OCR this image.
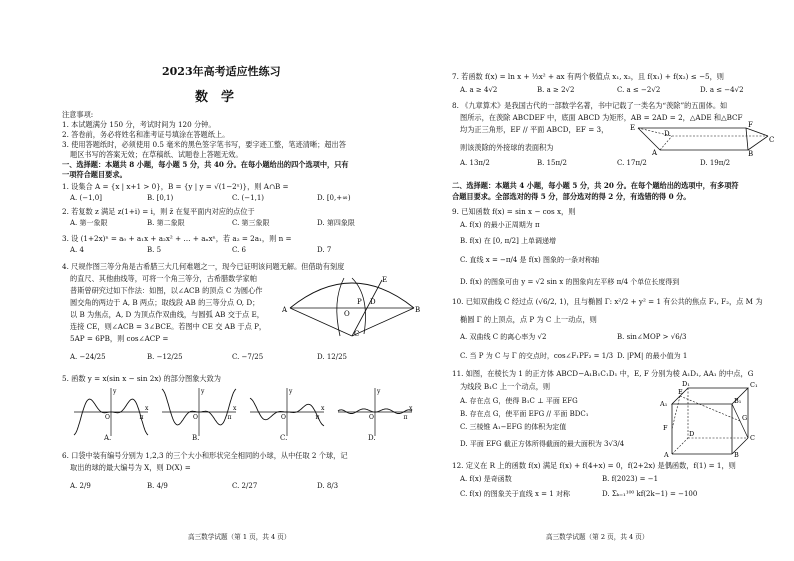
2023年高考适应性练习
数　学
注意事项:
1. 本试题满分 150 分，考试时间为 120 分钟。
2. 答卷前，务必将姓名和准考证号填涂在答题纸上。
3. 使用答题纸时，必须使用 0.5 毫米的黑色签字笔书写，要字迹工整，笔迹清晰；超出答
题区书写的答案无效；在草稿纸、试题卷上答题无效。
一、选择题：本题共 8 小题，每小题 5 分，共 40 分。在每小题给出的四个选项中，只有
一项符合题目要求。
1. 设集合 A = {x | x+1 > 0}，B = {y | y = √(1−2ˣ)}，则 A∩B =
A. (−1,0]	B. [0,1)	C. (−1,1)	D. [0,+∞)
2. 若复数 z 满足 z(1+i) = i，则 z̄ 在复平面内对应的点位于
A. 第一象限	B. 第二象限	C. 第三象限	D. 第四象限
3. 设 (1+2x)ⁿ = a₀ + a₁x + a₂x² + … + aₙxⁿ，若 a₂ = 2a₁，则 n =
A. 4	B. 5	C. 6	D. 7
4. 尺规作图三等分角是古希腊三大几何难题之一，现今已证明该问题无解。但借助有刻度
的直尺、其他曲线等，可将一个角三等分，古希腊数学家帕
普斯曾研究过如下作法：如图，以∠ACB 的顶点 C 为圆心作
圆交角的两边于 A, B 两点；取线段 AB 的三等分点 O, D；
以 B 为焦点，A, D 为顶点作双曲线，与圆弧 AB 交于点 E，
连接 CE，则∠ACB = 3∠BCE。若图中 CE 交 AB 于点 P，
5AP = 6PB，则 cos∠ACP =
A. −24/25	B. −12/25	C. −7/25	D. 12/25
E
D
P
O
A	B
C
5. 函数 y = x(sin x − sin 2x) 的部分图象大致为
y
x
O	π
y
x
O	π
y
x
O	π
y
x
O	π
A.	B.	C.	D.
6. 口袋中装有编号分别为 1,2,3 的三个大小和形状完全相同的小球，从中任取 2 个球，记
取出的球的最大编号为 X，则 D(X) =
A. 2/9	B. 4/9	C. 2/27	D. 8/3
高三数学试题（第 1 页，共 4 页）
7. 若函数 f(x) = ln x + ½x² + ax 有两个极值点 x₁, x₂，且 f(x₁) + f(x₂) ≤ −5，则
A. a ≥ 4√2	B. a ≥ 2√2	C. a ≤ −2√2	D. a ≤ −4√2
8. 《九章算术》是我国古代的一部数学名著，书中记载了一类名为“羡除”的五面体。如
图所示，在羡除 ABCDEF 中，底面 ABCD 为矩形，AB = 2AD = 2，△ADE 和△BCF
均为正三角形，EF // 平面 ABCD，EF = 3，
则该羡除的外接球的表面积为
E	F
D
A	B
C
A. 13π/2	B. 15π/2	C. 17π/2	D. 19π/2
二、选择题：本题共 4 小题，每小题 5 分，共 20 分。在每个题给出的选项中，有多项符
合题目要求。全部选对的得 5 分，部分选对的得 2 分，有选错的得 0 分。
9. 已知函数 f(x) = sin x − cos x，则
A. f(x) 的最小正周期为 π
B. f(x) 在 [0, π/2] 上单调递增
C. 直线 x = −π/4 是 f(x) 图象的一条对称轴
D. f(x) 的图象可由 y = √2 sin x 的图象向左平移 π/4 个单位长度得到
10. 已知双曲线 C 经过点 (√6/2, 1)，且与椭圆 Γ: x²/2 + y² = 1 有公共的焦点 F₁, F₂，点 M 为
椭圆 Γ 的上顶点，点 P 为 C 上一动点，则
A. 双曲线 C 的离心率为 √2	B. sin∠MOP > √6/3
C. 当 P 为 C 与 Γ 的交点时，cos∠F₁PF₂ = 1/3 D. |PM| 的最小值为 1
11. 如图，在棱长为 1 的正方体 ABCD−A₁B₁C₁D₁ 中，E, F 分别为棱 A₁D₁, AA₁ 的中点，G
为线段 B₁C 上一个动点，则
A. 存在点 G，使得 B₁C ⊥ 平面 EFG
B. 存在点 G，使平面 EFG // 平面 BDC₁
C. 三棱锥 A₁−EFG 的体积为定值
D. 平面 EFG 截正方体所得截面的最大面积为 3√3/4
D₁	C₁
A₁	B₁
E
F
G
D	C
A	B
12. 定义在 R 上的函数 f(x) 满足 f(x) + f(4+x) = 0，f(2+2x) 是偶函数，f(1) = 1，则
A. f(x) 是奇函数	B. f(2023) = −1
C. f(x) 的图象关于直线 x = 1 对称	D. Σₖ₌₁¹⁰⁰ kf(2k−1) = −100
高三数学试题（第 2 页，共 4 页）
